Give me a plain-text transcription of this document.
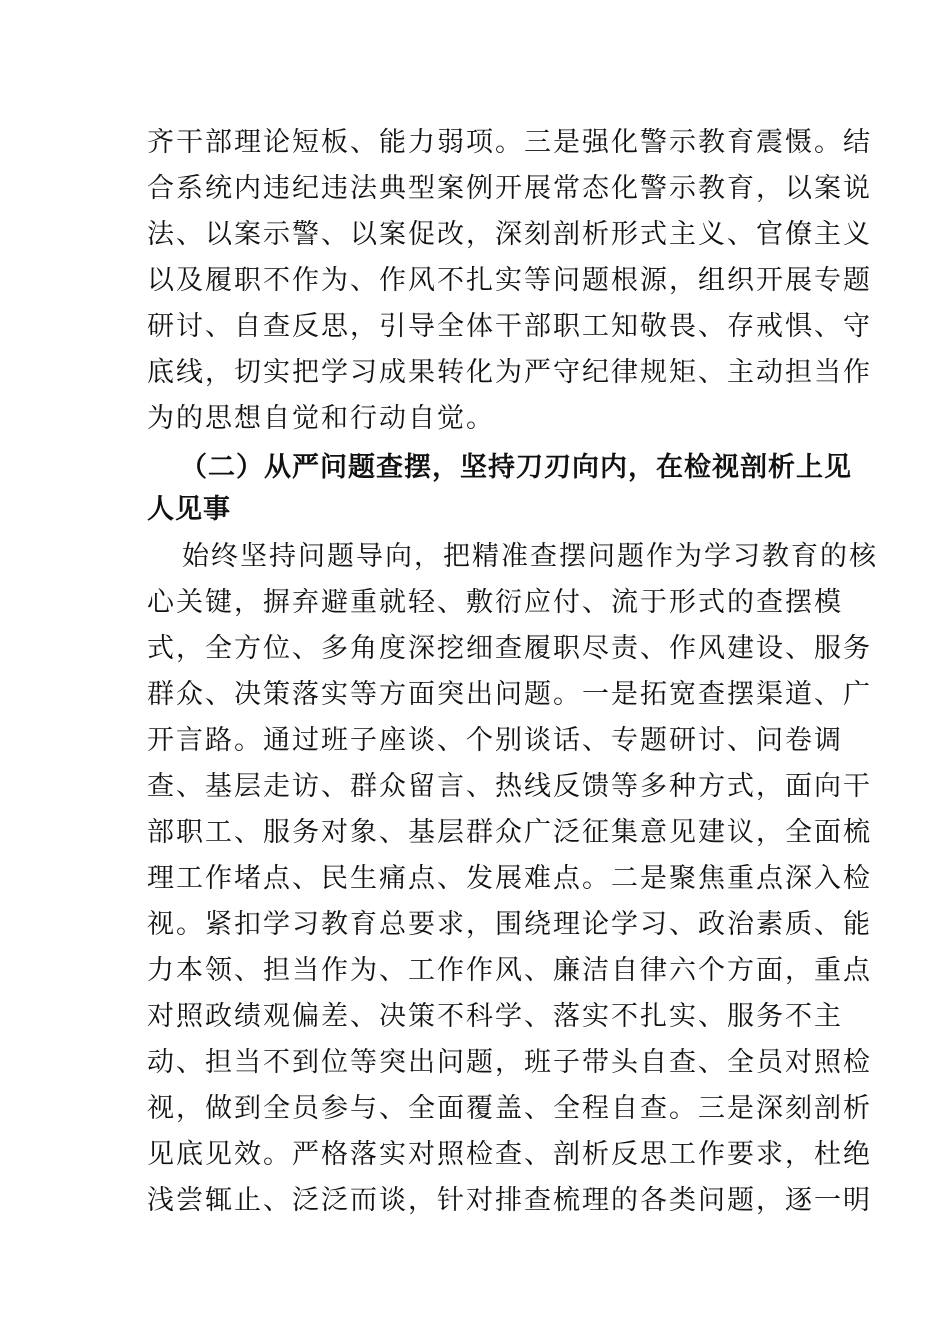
齐干部理论短板、能力弱项。三是强化警示教育震慑。结
合系统内违纪违法典型案例开展常态化警示教育，以案说
法、以案示警、以案促改，深刻剖析形式主义、官僚主义
以及履职不作为、作风不扎实等问题根源，组织开展专题
研讨、自查反思，引导全体干部职工知敬畏、存戒惧、守
底线，切实把学习成果转化为严守纪律规矩、主动担当作
为的思想自觉和行动自觉。
（二）从严问题查摆，坚持刀刃向内，在检视剖析上见
人见事
始终坚持问题导向，把精准查摆问题作为学习教育的核
心关键，摒弃避重就轻、敷衍应付、流于形式的查摆模
式，全方位、多角度深挖细查履职尽责、作风建设、服务
群众、决策落实等方面突出问题。一是拓宽查摆渠道、广
开言路。通过班子座谈、个别谈话、专题研讨、问卷调
查、基层走访、群众留言、热线反馈等多种方式，面向干
部职工、服务对象、基层群众广泛征集意见建议，全面梳
理工作堵点、民生痛点、发展难点。二是聚焦重点深入检
视。紧扣学习教育总要求，围绕理论学习、政治素质、能
力本领、担当作为、工作作风、廉洁自律六个方面，重点
对照政绩观偏差、决策不科学、落实不扎实、服务不主
动、担当不到位等突出问题，班子带头自查、全员对照检
视，做到全员参与、全面覆盖、全程自查。三是深刻剖析
见底见效。严格落实对照检查、剖析反思工作要求，杜绝
浅尝辄止、泛泛而谈，针对排查梳理的各类问题，逐一明
